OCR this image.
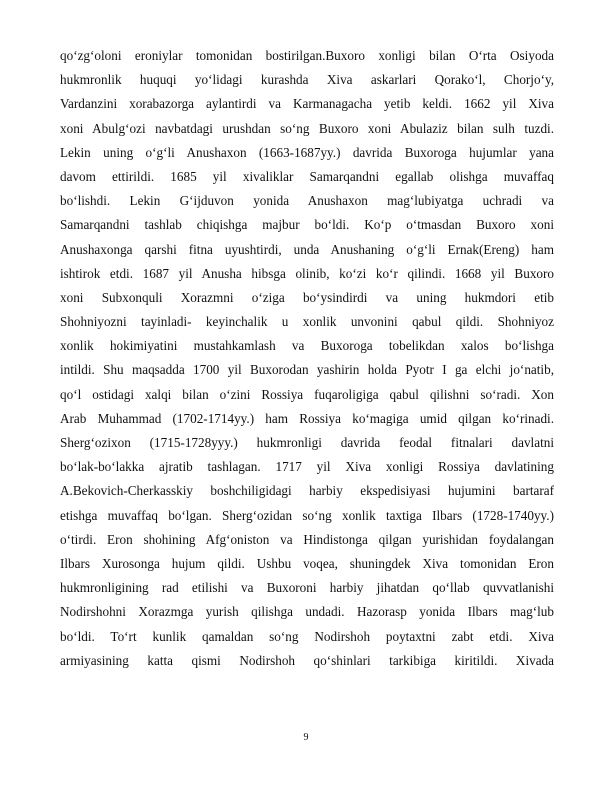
qo‘zg‘oloni eroniylar tomonidan bostirilgan.Buxoro xonligi bilan O‘rta Osiyoda
hukmronlik huquqi yo‘lidagi kurashda Xiva askarlari Qorako‘l, Chorjo‘y,
Vardanzini xorabazorga aylantirdi va Karmanagacha yetib keldi. 1662 yil Xiva
xoni Abulg‘ozi navbatdagi urushdan so‘ng Buxoro xoni Abulaziz bilan sulh tuzdi.
Lekin uning o‘g‘li Anushaxon (1663-1687yy.) davrida Buxoroga hujumlar yana
davom ettirildi. 1685 yil xivaliklar Samarqandni egallab olishga muvaffaq
bo‘lishdi. Lekin G‘ijduvon yonida Anushaxon mag‘lubiyatga uchradi va
Samarqandni tashlab chiqishga majbur bo‘ldi. Ko‘p o‘tmasdan Buxoro xoni
Anushaxonga qarshi fitna uyushtirdi, unda Anushaning o‘g‘li Ernak(Ereng) ham
ishtirok etdi. 1687 yil Anusha hibsga olinib, ko‘zi ko‘r qilindi. 1668 yil Buxoro
xoni Subxonquli Xorazmni o‘ziga bo‘ysindirdi va uning hukmdori etib
Shohniyozni tayinladi- keyinchalik u xonlik unvonini qabul qildi. Shohniyoz
xonlik hokimiyatini mustahkamlash va Buxoroga tobelikdan xalos bo‘lishga
intildi. Shu maqsadda 1700 yil Buxorodan yashirin holda Pyotr I ga elchi jo‘natib,
qo‘l ostidagi xalqi bilan o‘zini Rossiya fuqaroligiga qabul qilishni so‘radi. Xon
Arab Muhammad (1702-1714yy.) ham Rossiya ko‘magiga umid qilgan ko‘rinadi.
Sherg‘ozixon (1715-1728yyy.) hukmronligi davrida feodal fitnalari davlatni
bo‘lak-bo‘lakka ajratib tashlagan. 1717 yil Xiva xonligi Rossiya davlatining
A.Bekovich-Cherkasskiy boshchiligidagi harbiy ekspedisiyasi hujumini bartaraf
etishga muvaffaq bo‘lgan. Sherg‘ozidan so‘ng xonlik taxtiga Ilbars (1728-1740yy.)
o‘tirdi. Eron shohining Afg‘oniston va Hindistonga qilgan yurishidan foydalangan
Ilbars Xurosonga hujum qildi. Ushbu voqea, shuningdek Xiva tomonidan Eron
hukmronligining rad etilishi va Buxoroni harbiy jihatdan qo‘llab quvvatlanishi
Nodirshohni Xorazmga yurish qilishga undadi. Hazorasp yonida Ilbars mag‘lub
bo‘ldi. To‘rt kunlik qamaldan so‘ng Nodirshoh poytaxtni zabt etdi. Xiva
armiyasining katta qismi Nodirshoh qo‘shinlari tarkibiga kiritildi. Xivada
9
